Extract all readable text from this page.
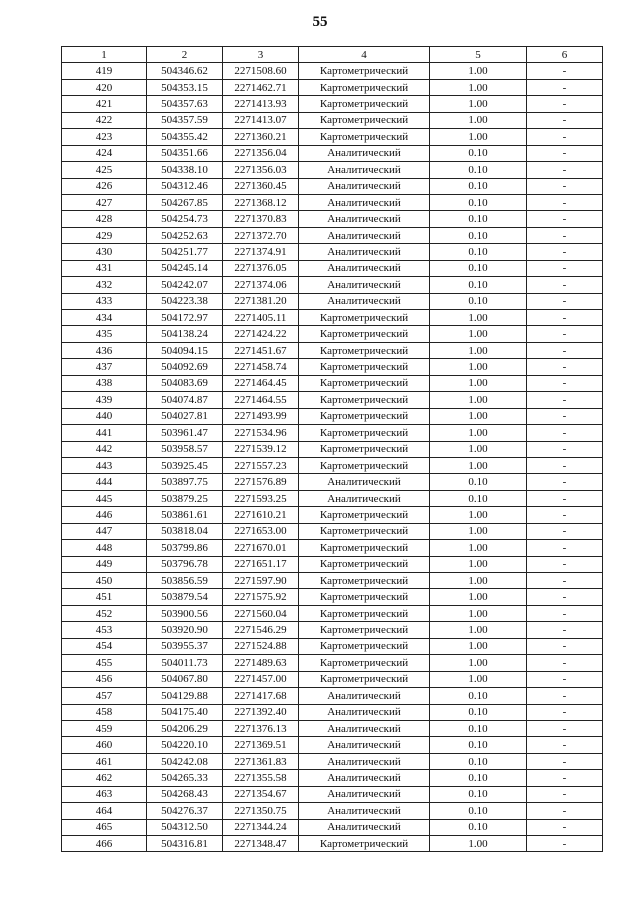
55
1	2	3	4	5	6
419	504346.62	2271508.60	Картометрический	1.00	-
420	504353.15	2271462.71	Картометрический	1.00	-
421	504357.63	2271413.93	Картометрический	1.00	-
422	504357.59	2271413.07	Картометрический	1.00	-
423	504355.42	2271360.21	Картометрический	1.00	-
424	504351.66	2271356.04	Аналитический	0.10	-
425	504338.10	2271356.03	Аналитический	0.10	-
426	504312.46	2271360.45	Аналитический	0.10	-
427	504267.85	2271368.12	Аналитический	0.10	-
428	504254.73	2271370.83	Аналитический	0.10	-
429	504252.63	2271372.70	Аналитический	0.10	-
430	504251.77	2271374.91	Аналитический	0.10	-
431	504245.14	2271376.05	Аналитический	0.10	-
432	504242.07	2271374.06	Аналитический	0.10	-
433	504223.38	2271381.20	Аналитический	0.10	-
434	504172.97	2271405.11	Картометрический	1.00	-
435	504138.24	2271424.22	Картометрический	1.00	-
436	504094.15	2271451.67	Картометрический	1.00	-
437	504092.69	2271458.74	Картометрический	1.00	-
438	504083.69	2271464.45	Картометрический	1.00	-
439	504074.87	2271464.55	Картометрический	1.00	-
440	504027.81	2271493.99	Картометрический	1.00	-
441	503961.47	2271534.96	Картометрический	1.00	-
442	503958.57	2271539.12	Картометрический	1.00	-
443	503925.45	2271557.23	Картометрический	1.00	-
444	503897.75	2271576.89	Аналитический	0.10	-
445	503879.25	2271593.25	Аналитический	0.10	-
446	503861.61	2271610.21	Картометрический	1.00	-
447	503818.04	2271653.00	Картометрический	1.00	-
448	503799.86	2271670.01	Картометрический	1.00	-
449	503796.78	2271651.17	Картометрический	1.00	-
450	503856.59	2271597.90	Картометрический	1.00	-
451	503879.54	2271575.92	Картометрический	1.00	-
452	503900.56	2271560.04	Картометрический	1.00	-
453	503920.90	2271546.29	Картометрический	1.00	-
454	503955.37	2271524.88	Картометрический	1.00	-
455	504011.73	2271489.63	Картометрический	1.00	-
456	504067.80	2271457.00	Картометрический	1.00	-
457	504129.88	2271417.68	Аналитический	0.10	-
458	504175.40	2271392.40	Аналитический	0.10	-
459	504206.29	2271376.13	Аналитический	0.10	-
460	504220.10	2271369.51	Аналитический	0.10	-
461	504242.08	2271361.83	Аналитический	0.10	-
462	504265.33	2271355.58	Аналитический	0.10	-
463	504268.43	2271354.67	Аналитический	0.10	-
464	504276.37	2271350.75	Аналитический	0.10	-
465	504312.50	2271344.24	Аналитический	0.10	-
466	504316.81	2271348.47	Картометрический	1.00	-
